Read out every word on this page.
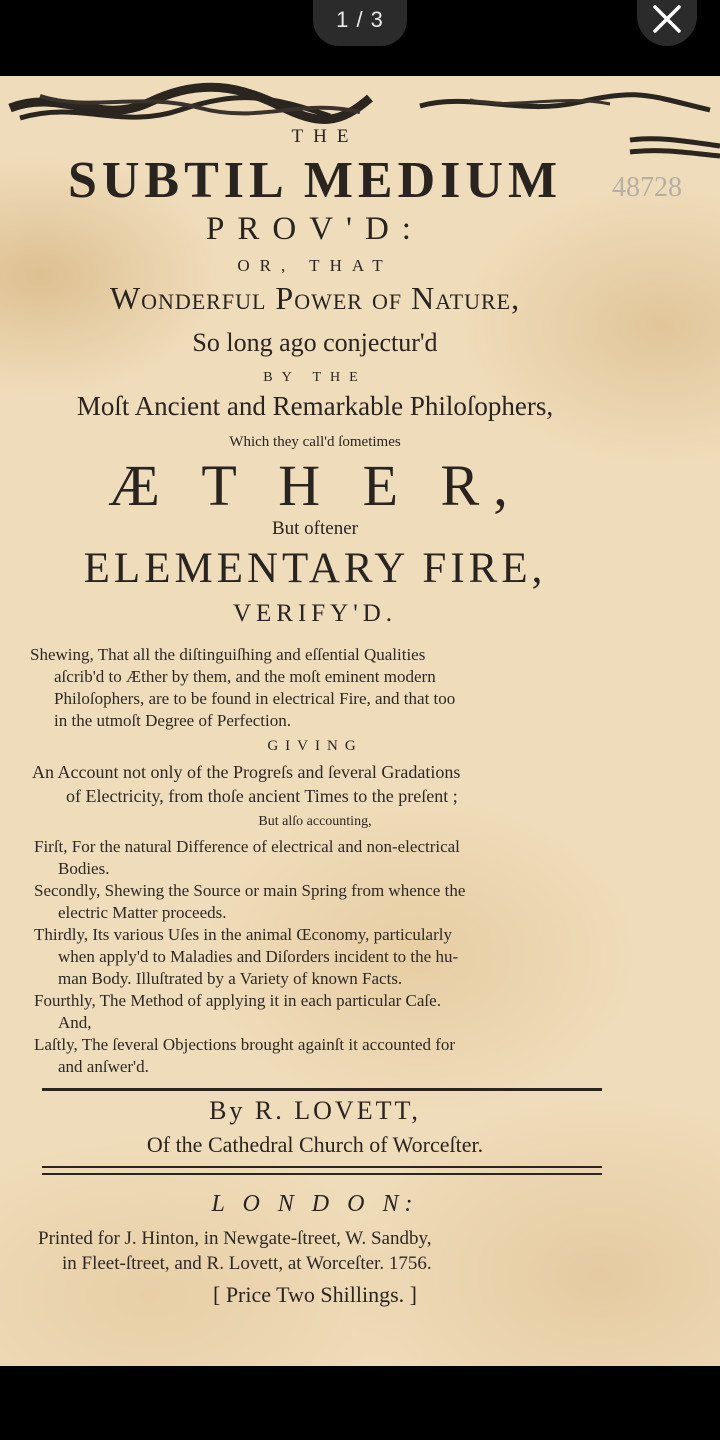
1 / 3
48728
THE
SUBTIL MEDIUM
PROV'D:
OR, THAT
Wonderful Power of Nature,
So long ago conjectur'd
BY THE
Moſt Ancient and Remarkable Philoſophers,
Which they call'd ſometimes
Æ T H E R,
But oftener
ELEMENTARY FIRE,
VERIFY'D.
Shewing, That all the diſtinguiſhing and eſſential Qualities
aſcrib'd to Æther by them, and the moſt eminent modern
Philoſophers, are to be found in electrical Fire, and that too
in the utmoſt Degree of Perfection.
GIVING
An Account not only of the Progreſs and ſeveral Gradations
of Electricity, from thoſe ancient Times to the preſent ;
But alſo accounting,
Firſt, For the natural Difference of electrical and non-electrical
Bodies.
Secondly, Shewing the Source or main Spring from whence the
electric Matter proceeds.
Thirdly, Its various Uſes in the animal Œconomy, particularly
when apply'd to Maladies and Diſorders incident to the hu-
man Body. Illuſtrated by a Variety of known Facts.
Fourthly, The Method of applying it in each particular Caſe.
And,
Laſtly, The ſeveral Objections brought againſt it accounted for
and anſwer'd.
By R. LOVETT,
Of the Cathedral Church of Worceſter.
L O N D O N:
Printed for J. Hinton, in Newgate-ſtreet, W. Sandby,
in Fleet-ſtreet, and R. Lovett, at Worceſter. 1756.
[ Price Two Shillings. ]
